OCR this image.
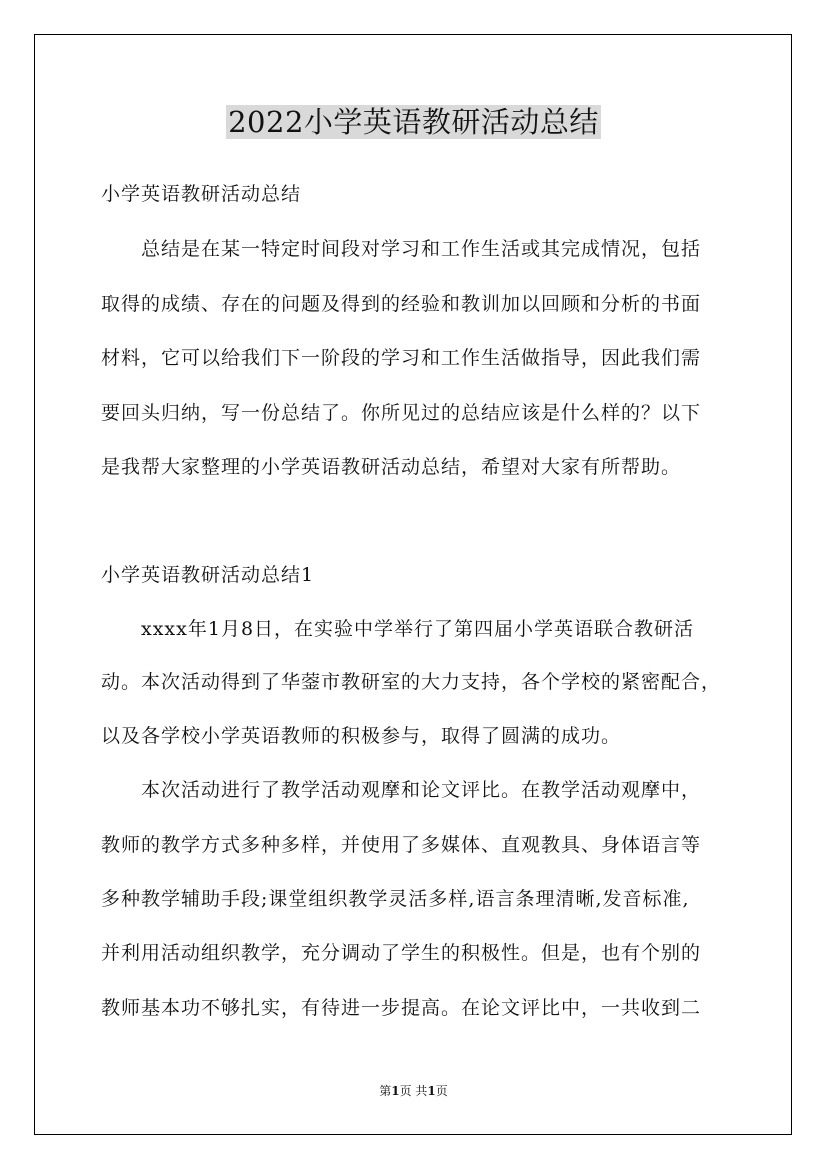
2022小学英语教研活动总结
小学英语教研活动总结
　　总结是在某一特定时间段对学习和工作生活或其完成情况，包括
取得的成绩、存在的问题及得到的经验和教训加以回顾和分析的书面
材料，它可以给我们下一阶段的学习和工作生活做指导，因此我们需
要回头归纳，写一份总结了。你所见过的总结应该是什么样的？以下
是我帮大家整理的小学英语教研活动总结，希望对大家有所帮助。
小学英语教研活动总结1
　　xxxx年1月8日，在实验中学举行了第四届小学英语联合教研活
动。本次活动得到了华蓥市教研室的大力支持，各个学校的紧密配合，
以及各学校小学英语教师的积极参与，取得了圆满的成功。
　　本次活动进行了教学活动观摩和论文评比。在教学活动观摩中，
教师的教学方式多种多样，并使用了多媒体、直观教具、身体语言等
多种教学辅助手段;课堂组织教学灵活多样,语言条理清晰,发音标准,
并利用活动组织教学，充分调动了学生的积极性。但是，也有个别的
教师基本功不够扎实，有待进一步提高。在论文评比中，一共收到二
第1页 共1页
